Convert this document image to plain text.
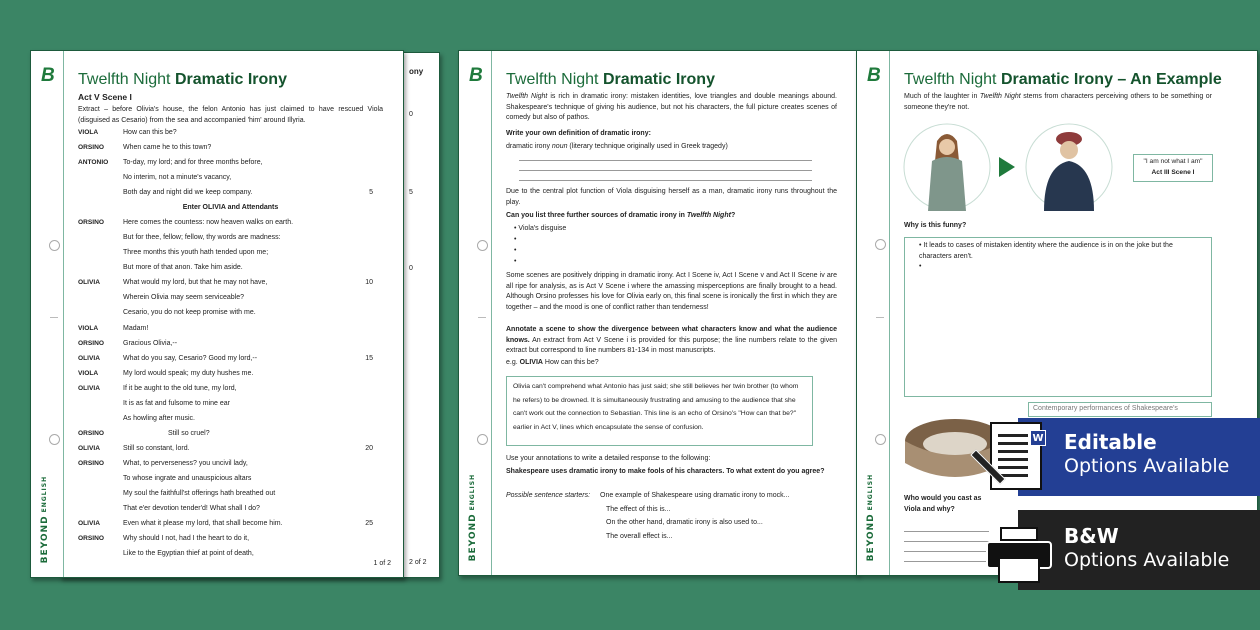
ony
0
5
0
2 of 2
B
BEYONDENGLISH
Twelfth Night Dramatic Irony
Act V Scene I
Extract – before Olivia's house, the felon Antonio has just claimed to have rescued Viola (disguised as Cesario) from the sea and accompanied 'him' around Illyria.
VIOLA	How can this be?
ORSINO	When came he to this town?
ANTONIO To-day, my lord; and for three months before,
No interim, not a minute's vacancy,
Both day and night did we keep company.	5
Enter OLIVIA and Attendants
ORSINO	Here comes the countess: now heaven walks on earth.
But for thee, fellow; fellow, thy words are madness:
Three months this youth hath tended upon me;
But more of that anon. Take him aside.
OLIVIA	What would my lord, but that he may not have,	10
Wherein Olivia may seem serviceable?
Cesario, you do not keep promise with me.
VIOLA	Madam!
ORSINO	Gracious Olivia,--
OLIVIA	What do you say, Cesario? Good my lord,--	15
VIOLA	My lord would speak; my duty hushes me.
OLIVIA	If it be aught to the old tune, my lord,
It is as fat and fulsome to mine ear
As howling after music.
ORSINO	Still so cruel?
OLIVIA	Still so constant, lord.	20
ORSINO	What, to perverseness? you uncivil lady,
To whose ingrate and unauspicious altars
My soul the faithfull'st offerings hath breathed out
That e'er devotion tender'd! What shall I do?
OLIVIA	Even what it please my lord, that shall become him.	25
ORSINO	Why should I not, had I the heart to do it,
Like to the Egyptian thief at point of death,
1 of 2
B
BEYONDENGLISH
Twelfth Night Dramatic Irony
Twelfth Night is rich in dramatic irony: mistaken identities, love triangles and double meanings abound. Shakespeare's technique of giving his audience, but not his characters, the full picture creates scenes of comedy but also of pathos.
Write your own definition of dramatic irony:
dramatic irony noun (literary technique originally used in Greek tragedy)
Due to the central plot function of Viola disguising herself as a man, dramatic irony runs throughout the play.
Can you list three further sources of dramatic irony in Twelfth Night?
• Viola's disguise
•
•
•
Some scenes are positively dripping in dramatic irony. Act I Scene iv, Act I Scene v and Act II Scene iv are all ripe for analysis, as is Act V Scene i where the amassing misperceptions are finally brought to a head. Although Orsino professes his love for Olivia early on, this final scene is ironically the first in which they are together – and the mood is one of conflict rather than tenderness!
Annotate a scene to show the divergence between what characters know and what the audience knows. An extract from Act V Scene i is provided for this purpose; the line numbers relate to the given extract but correspond to line numbers 81-134 in most manuscripts.
e.g. OLIVIA How can this be?
Olivia can't comprehend what Antonio has just said; she still believes her twin brother (to whom he refers) to be drowned. It is simultaneously frustrating and amusing to the audience that she can't work out the connection to Sebastian. This line is an echo of Orsino's "How can that be?" earlier in Act V, lines which encapsulate the sense of confusion.
Use your annotations to write a detailed response to the following:
Shakespeare uses dramatic irony to make fools of his characters. To what extent do you agree?
Possible sentence starters: One example of Shakespeare using dramatic irony to mock...
The effect of this is...
On the other hand, dramatic irony is also used to...
The overall effect is...
B
BEYONDENGLISH
Twelfth Night Dramatic Irony – An Example
Much of the laughter in Twelfth Night stems from characters perceiving others to be something or someone they're not.
"I am not what I am"
Act III Scene I
Why is this funny?
• It leads to cases of mistaken identity where the audience is in on the joke but the characters aren't.
•
Contemporary performances of Shakespeare's
Who would you cast as Viola and why?
Editable
Options Available
W
B&W
Options Available
